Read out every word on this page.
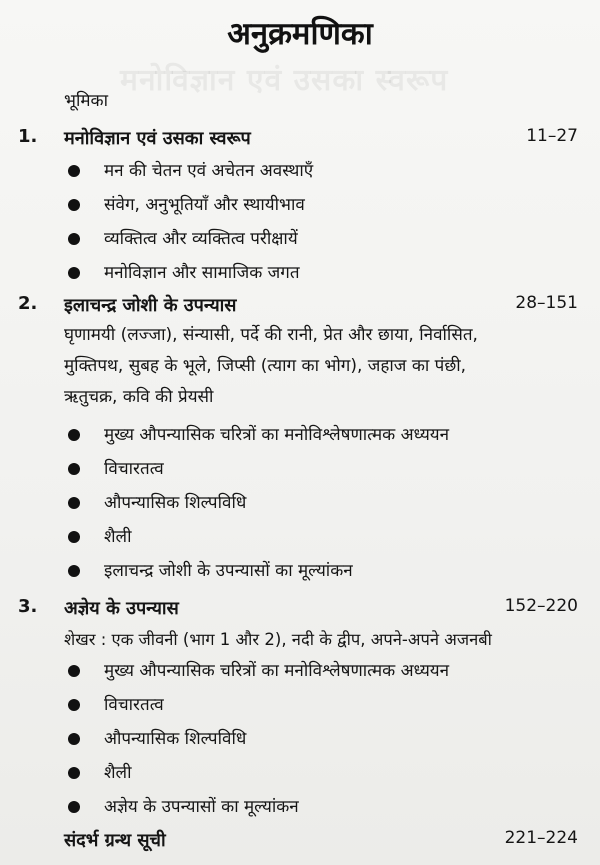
मनोविज्ञान एवं उसका स्वरूप
अनुक्रमणिका
भूमिका
1. मनोविज्ञान एवं उसका स्वरूप	11–27
मन की चेतन एवं अचेतन अवस्थाएँ
संवेग, अनुभूतियाँ और स्थायीभाव
व्यक्तित्व और व्यक्तित्व परीक्षायें
मनोविज्ञान और सामाजिक जगत
2. इलाचन्द्र जोशी के उपन्यास	28–151
घृणामयी (लज्जा), संन्यासी, पर्दे की रानी, प्रेत और छाया, निर्वासित,
मुक्तिपथ, सुबह के भूले, जिप्सी (त्याग का भोग), जहाज का पंछी,
ऋतुचक्र, कवि की प्रेयसी
मुख्य औपन्यासिक चरित्रों का मनोविश्लेषणात्मक अध्ययन
विचारतत्व
औपन्यासिक शिल्पविधि
शैली
इलाचन्द्र जोशी के उपन्यासों का मूल्यांकन
3. अज्ञेय के उपन्यास	152–220
शेखर : एक जीवनी (भाग 1 और 2), नदी के द्वीप, अपने-अपने अजनबी
मुख्य औपन्यासिक चरित्रों का मनोविश्लेषणात्मक अध्ययन
विचारतत्व
औपन्यासिक शिल्पविधि
शैली
अज्ञेय के उपन्यासों का मूल्यांकन
संदर्भ ग्रन्थ सूची	221–224
